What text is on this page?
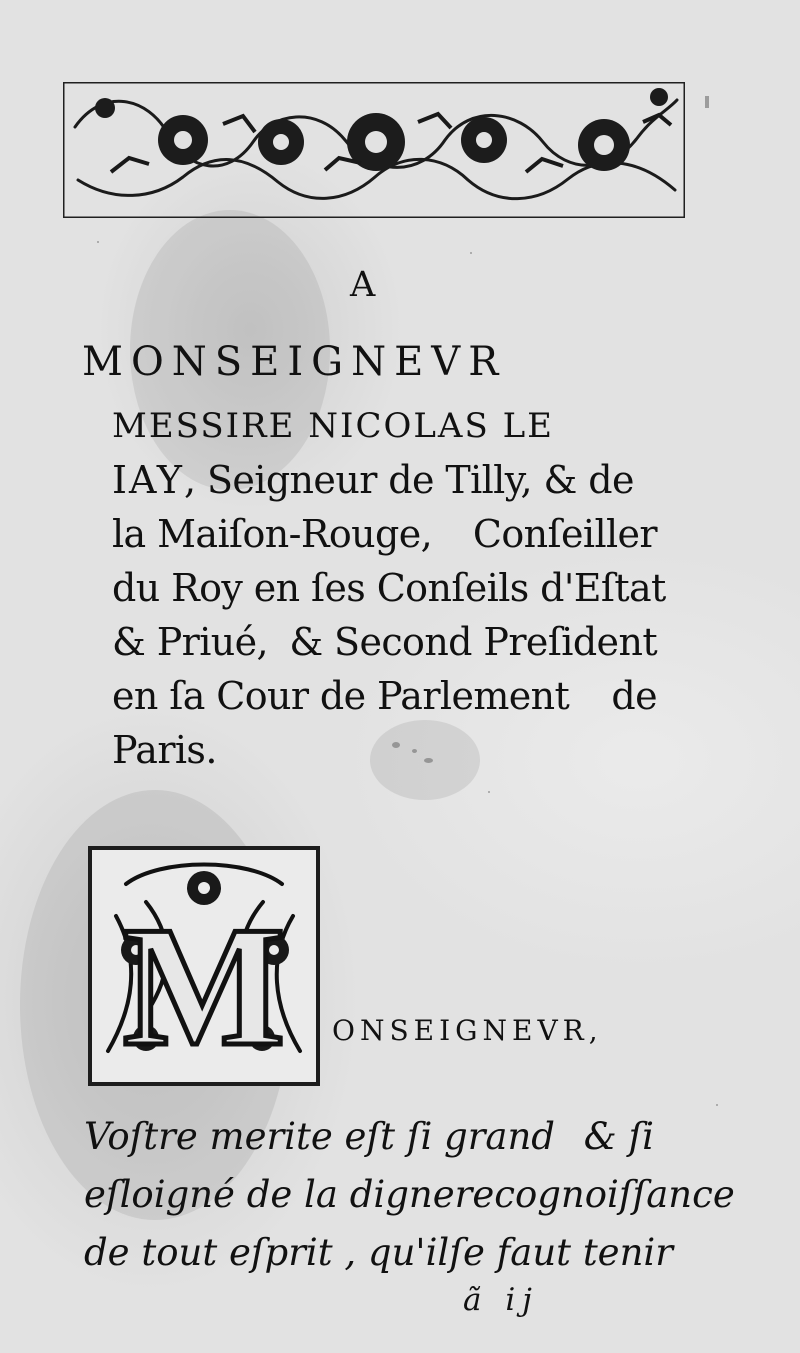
A
MONSEIGNEVR
MESSIRE NICOLAS LE
IAY, Seigneur de Tilly, & de
la Maiſon-Rouge, Conſeiller
du Roy en ſes Conſeils d'Eſtat
& Priué, & Second Preſident
en ſa Cour de Parlement de
Paris.
M ONSEIGNEVR,
Voſtre merite eſt ſi grand & ſi
eſloigné de la digne recognoiſſance
de tout eſprit , qu'il ſe faut tenir
ã ij
